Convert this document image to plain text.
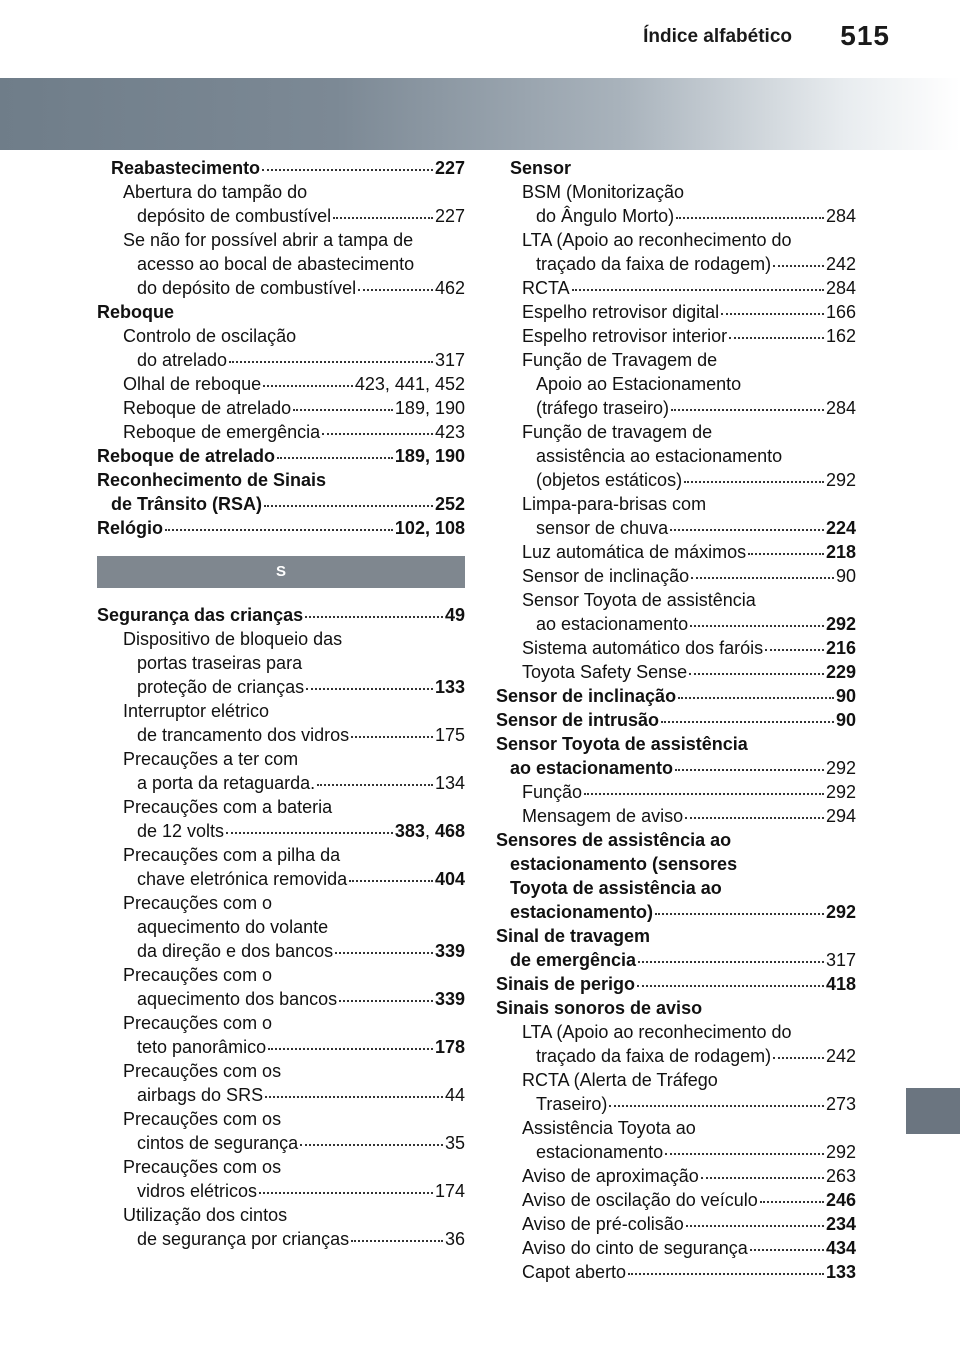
Índice alfabético 515
Reabastecimento	227
Abertura do tampão do
depósito de combustível	227
Se não for possível abrir a tampa de
acesso ao bocal de abastecimento
do depósito de combustível	462
Reboque
Controlo de oscilação
do atrelado	317
Olhal de reboque	423, 441, 452
Reboque de atrelado	189, 190
Reboque de emergência	423
Reboque de atrelado	189, 190
Reconhecimento de Sinais
de Trânsito (RSA)	252
Relógio	102, 108
S
Segurança das crianças	49
Dispositivo de bloqueio das
portas traseiras para
proteção de crianças	133
Interruptor elétrico
de trancamento dos vidros	175
Precauções a ter com
a porta da retaguarda.	134
Precauções com a bateria
de 12 volts	383, 468
Precauções com a pilha da
chave eletrónica removida	404
Precauções com o
aquecimento do volante
da direção e dos bancos	339
Precauções com o
aquecimento dos bancos	339
Precauções com o
teto panorâmico	178
Precauções com os
airbags do SRS	44
Precauções com os
cintos de segurança	35
Precauções com os
vidros elétricos	174
Utilização dos cintos
de segurança por crianças	36
Sensor
BSM (Monitorização
do Ângulo Morto)	284
LTA (Apoio ao reconhecimento do
traçado da faixa de rodagem)	242
RCTA	284
Espelho retrovisor digital	166
Espelho retrovisor interior	162
Função de Travagem de
Apoio ao Estacionamento
(tráfego traseiro)	284
Função de travagem de
assistência ao estacionamento
(objetos estáticos)	292
Limpa-para-brisas com
sensor de chuva	224
Luz automática de máximos	218
Sensor de inclinação	90
Sensor Toyota de assistência
ao estacionamento	292
Sistema automático dos faróis	216
Toyota Safety Sense	229
Sensor de inclinação	90
Sensor de intrusão	90
Sensor Toyota de assistência
ao estacionamento	292
Função	292
Mensagem de aviso	294
Sensores de assistência ao
estacionamento (sensores
Toyota de assistência ao
estacionamento)	292
Sinal de travagem
de emergência	317
Sinais de perigo	418
Sinais sonoros de aviso
LTA (Apoio ao reconhecimento do
traçado da faixa de rodagem)	242
RCTA (Alerta de Tráfego
Traseiro)	273
Assistência Toyota ao
estacionamento	292
Aviso de aproximação	263
Aviso de oscilação do veículo	246
Aviso de pré-colisão	234
Aviso do cinto de segurança	434
Capot aberto	133
